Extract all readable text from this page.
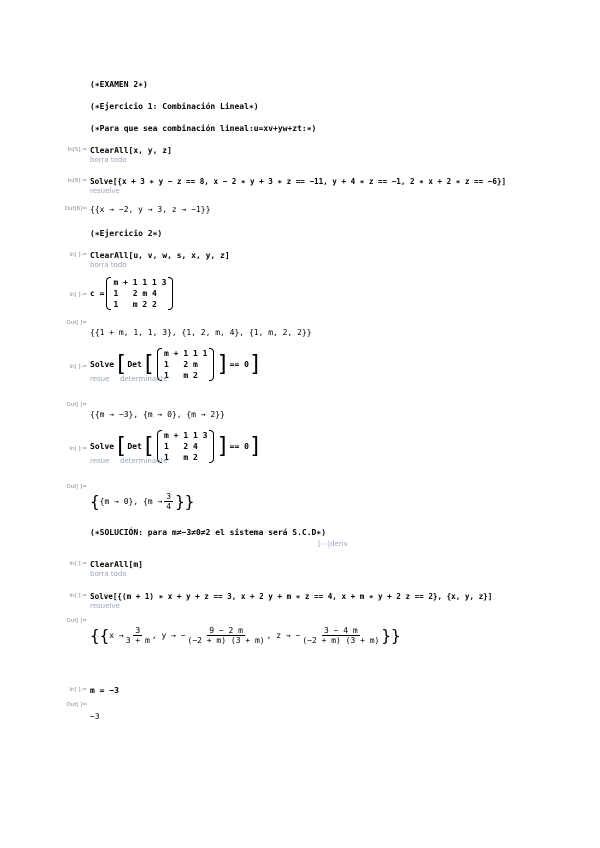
(∗EXAMEN 2∗)
(∗Ejercicio 1: Combinación Lineal∗)
(∗Para que sea combinación lineal:u=xv+yw+zt:∗)
In[5]:= ClearAll[x, y, z]
borra todo
In[6]:= Solve[{x + 3 ∗ y − z == 8, x − 2 ∗ y + 3 ∗ z == −11, y + 4 ∗ z == −1, 2 ∗ x + 2 ∗ z == −6}]
resuelve
Out[6]= {{x → −2, y → 3, z → −1}}
(∗Ejercicio 2∗)
In[ ]:= ClearAll[u, v, w, s, x, y, z]
borra todo
In[ ]:= c =
m + 1 1 1 3
1   2 m 4
1   m 2 2
Out[ ]=
{{1 + m, 1, 1, 3}, {1, 2, m, 4}, {1, m, 2, 2}}
In[ ]:= Solve [ Det [ m + 1 1 1
1   2 m
1   m 2 ] == 0 ]
resue determinante
Out[ ]=
{{m → −3}, {m → 0}, {m → 2}}
In[ ]:= Solve [ Det [ m + 1 1 3
1   2 4
1   m 2 ] == 0 ]
resue determinante
Out[ ]=
{ {m → 0}, {$m \to \frac{3}{4}$ }}
(∗SOLUCIÓN: para m≠−3≠0≠2 el sistema será S.C.D∗)
[⋯|deriv
In[ ]:= ClearAll[m]
borra todo
In[ ]:= Solve[{(m + 1) ∗ x + y + z == 3, x + 2 y + m ∗ z == 4, x + m ∗ y + 2 z == 2}, {x, y, z}]
resuelve
Out[ ]=
{{ $x \to \frac{3}{3 + m}$ , y → − $\frac{9 - 2 m}{(-2 + m) (3 + m)}$ , z → − $\frac{3 - 4 m}{(-2 + m) (3 + m)}$ }}
In[ ]:= m = −3
Out[ ]=
−3
